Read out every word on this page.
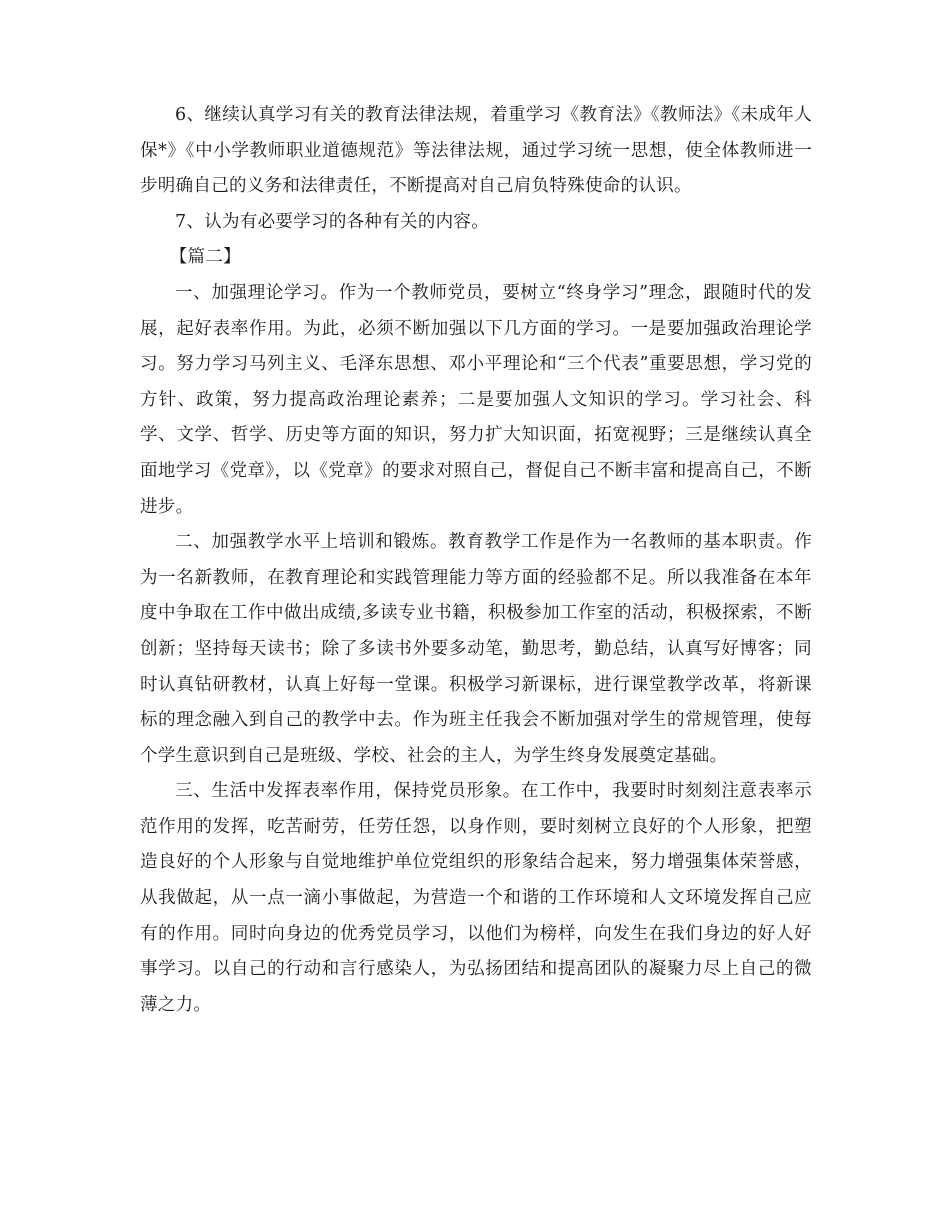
6、继续认真学习有关的教育法律法规，着重学习《教育法》《教师法》《未成年人保*》《中小学教师职业道德规范》等法律法规，通过学习统一思想，使全体教师进一步明确自己的义务和法律责任，不断提高对自己肩负特殊使命的认识。

7、认为有必要学习的各种有关的内容。

【篇二】

一、加强理论学习。作为一个教师党员，要树立“终身学习”理念，跟随时代的发展，起好表率作用。为此，必须不断加强以下几方面的学习。一是要加强政治理论学习。努力学习马列主义、毛泽东思想、邓小平理论和“三个代表”重要思想，学习党的方针、政策，努力提高政治理论素养；二是要加强人文知识的学习。学习社会、科学、文学、哲学、历史等方面的知识，努力扩大知识面，拓宽视野；三是继续认真全面地学习《党章》，以《党章》的要求对照自己，督促自己不断丰富和提高自己，不断进步。

二、加强教学水平上培训和锻炼。教育教学工作是作为一名教师的基本职责。作为一名新教师，在教育理论和实践管理能力等方面的经验都不足。所以我准备在本年度中争取在工作中做出成绩,多读专业书籍，积极参加工作室的活动，积极探索，不断创新；坚持每天读书；除了多读书外要多动笔，勤思考，勤总结，认真写好博客；同时认真钻研教材，认真上好每一堂课。积极学习新课标，进行课堂教学改革，将新课标的理念融入到自己的教学中去。作为班主任我会不断加强对学生的常规管理，使每个学生意识到自己是班级、学校、社会的主人，为学生终身发展奠定基础。

三、生活中发挥表率作用，保持党员形象。在工作中，我要时时刻刻注意表率示范作用的发挥，吃苦耐劳，任劳任怨，以身作则，要时刻树立良好的个人形象，把塑造良好的个人形象与自觉地维护单位党组织的形象结合起来，努力增强集体荣誉感，从我做起，从一点一滴小事做起，为营造一个和谐的工作环境和人文环境发挥自己应有的作用。同时向身边的优秀党员学习，以他们为榜样，向发生在我们身边的好人好事学习。以自己的行动和言行感染人，为弘扬团结和提高团队的凝聚力尽上自己的微薄之力。
